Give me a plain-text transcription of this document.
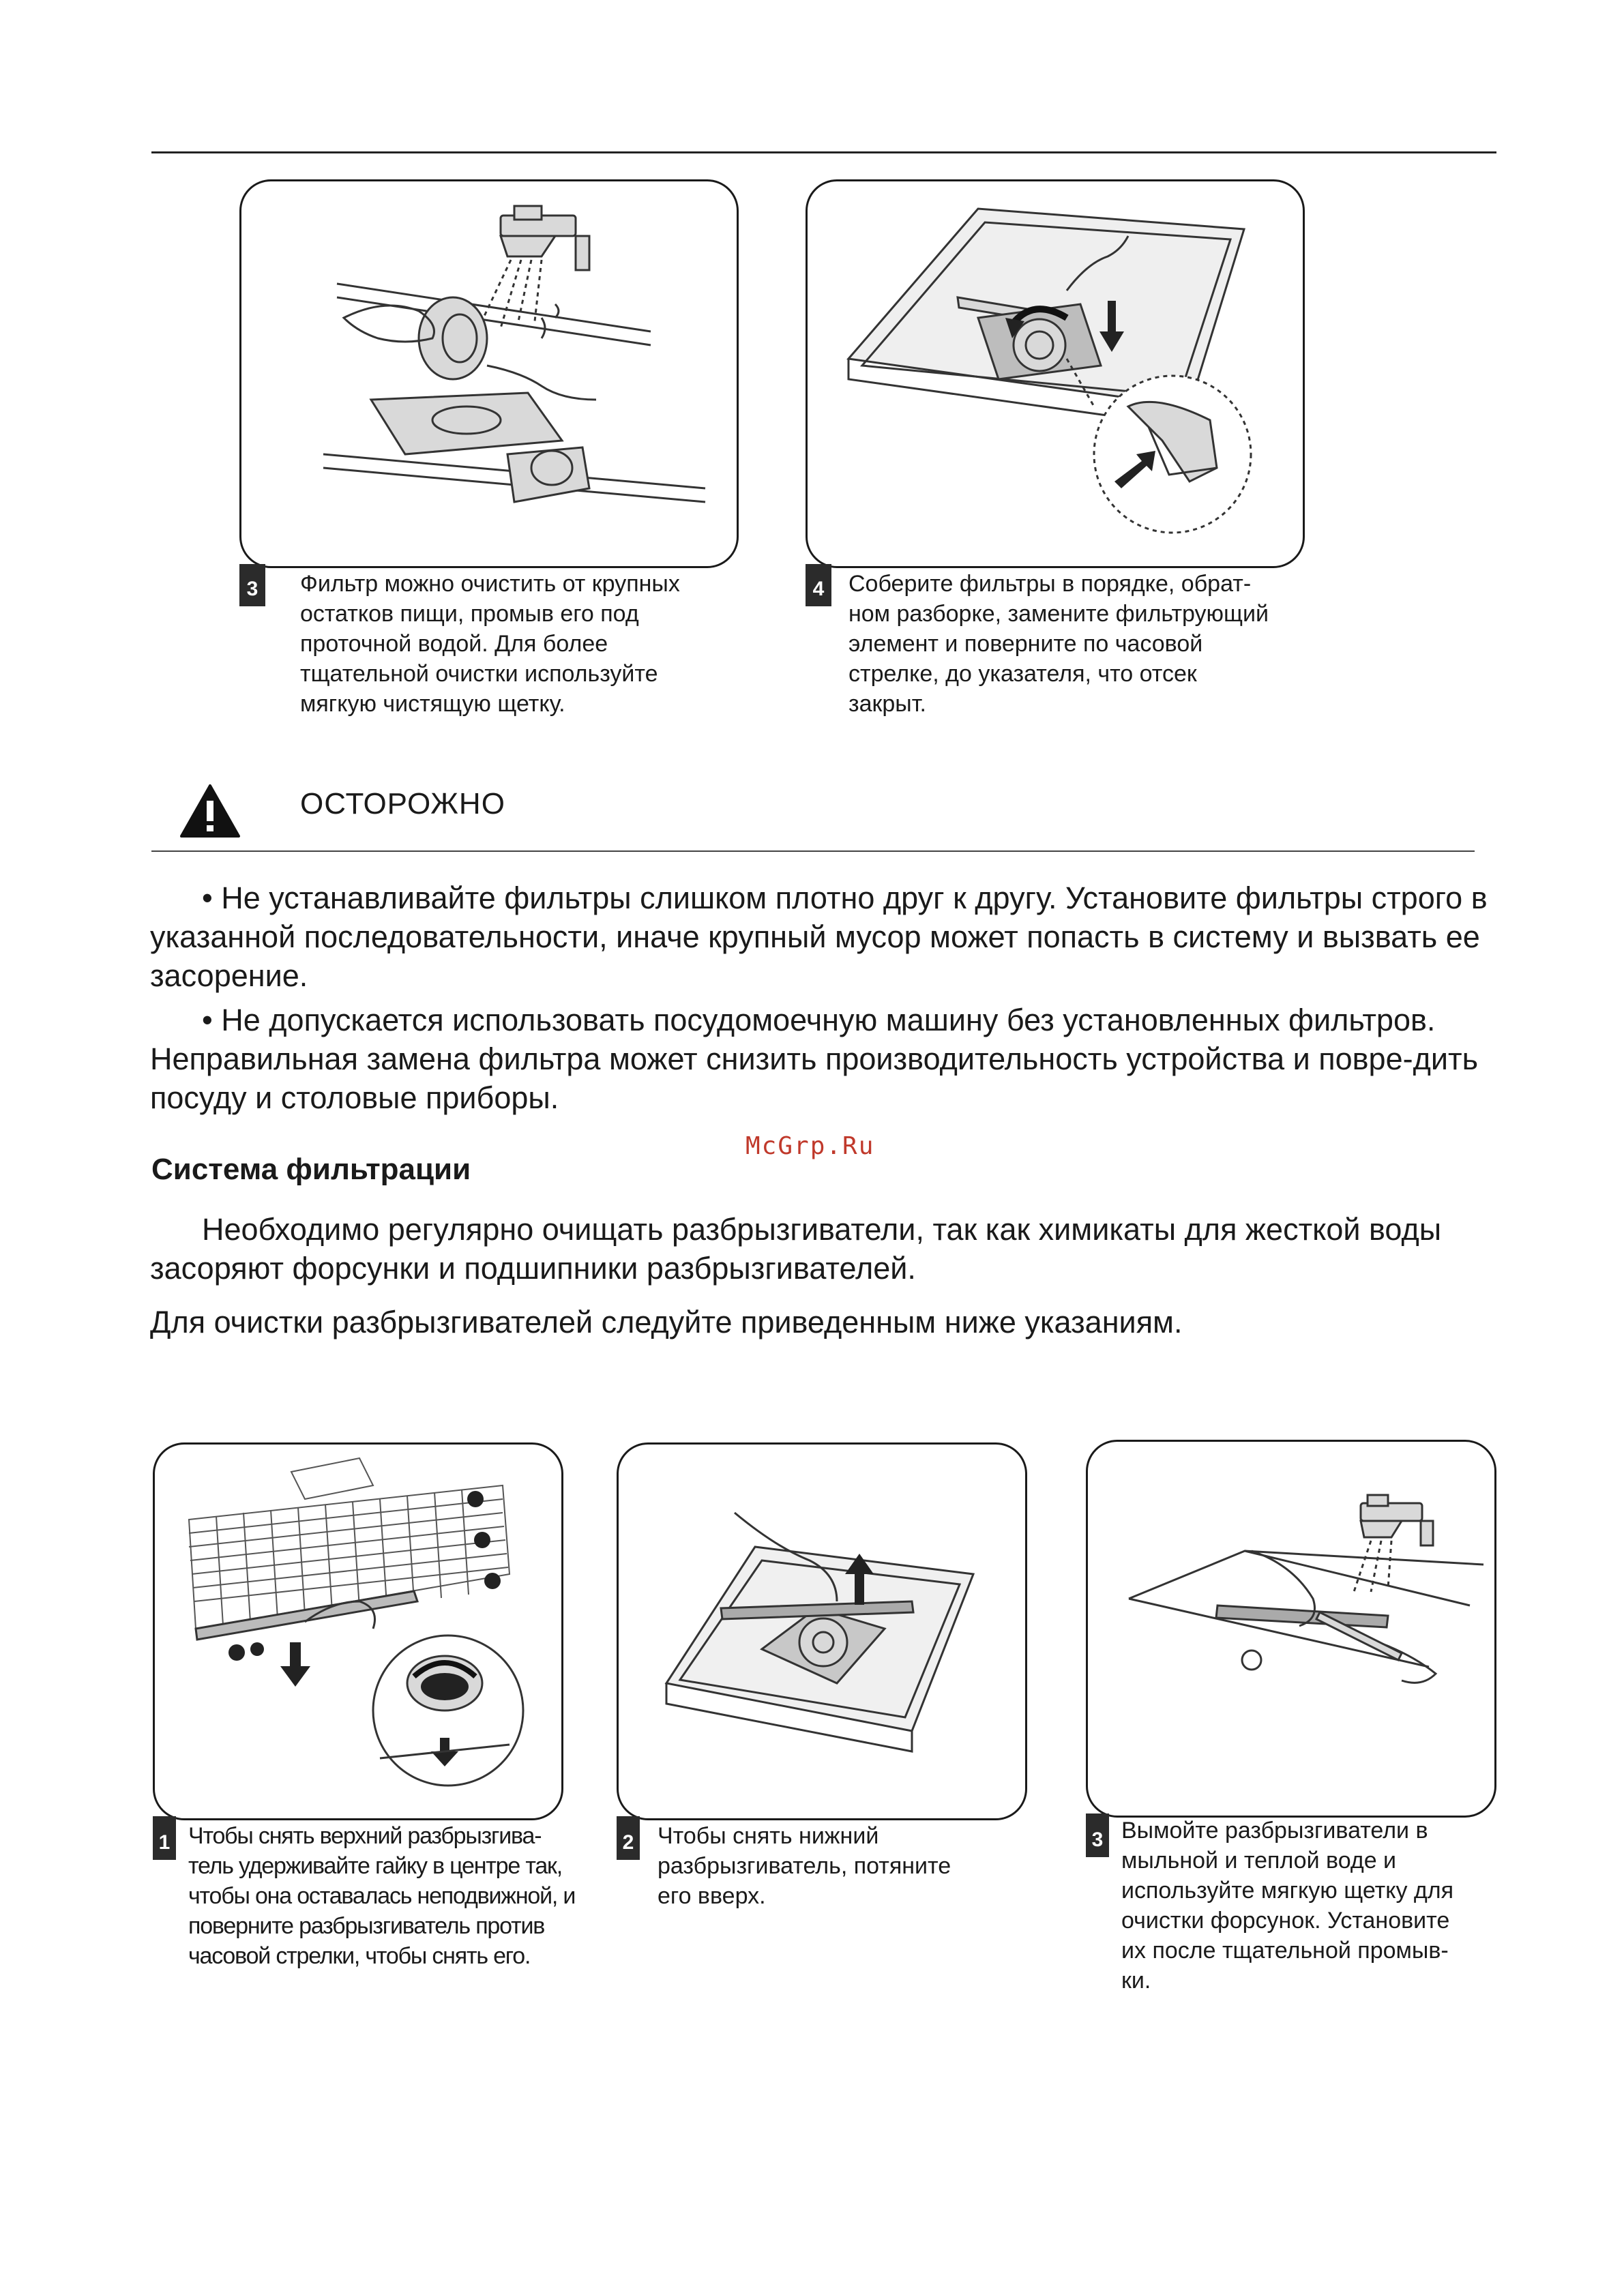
3	Фильтр можно очистить от крупных
остатков пищи, промыв его под
проточной водой. Для более
тщательной очистки используйте
мягкую чистящую щетку.
4	Соберите фильтры в порядке, обрат-
ном разборке, замените фильтрующий
элемент и поверните по часовой
стрелке, до указателя, что отсек
закрыт.
ОСТОРОЖНО
• Не устанавливайте фильтры слишком плотно друг к другу. Установите фильтры строго в указанной последовательности, иначе крупный мусор может попасть в систему и вызвать ее засорение.
• Не допускается использовать посудомоечную машину без установленных фильтров. Неправильная замена фильтра может снизить производительность устройства и повре-дить посуду и столовые приборы.
McGrp.Ru
Система фильтрации
Необходимо регулярно очищать разбрызгиватели, так как химикаты для жесткой воды засоряют форсунки и подшипники разбрызгивателей.
Для очистки разбрызгивателей следуйте приведенным ниже указаниям.
1 Чтобы снять верхний разбрызгива-
тель удерживайте гайку в центре так,
чтобы она оставалась неподвижной, и
поверните разбрызгиватель против
часовой стрелки, чтобы снять его.
2 Чтобы снять нижний
разбрызгиватель, потяните
его вверх.
3 Вымойте разбрызгиватели в
мыльной и теплой воде и
используйте мягкую щетку для
очистки форсунок. Установите
их после тщательной промыв-
ки.
